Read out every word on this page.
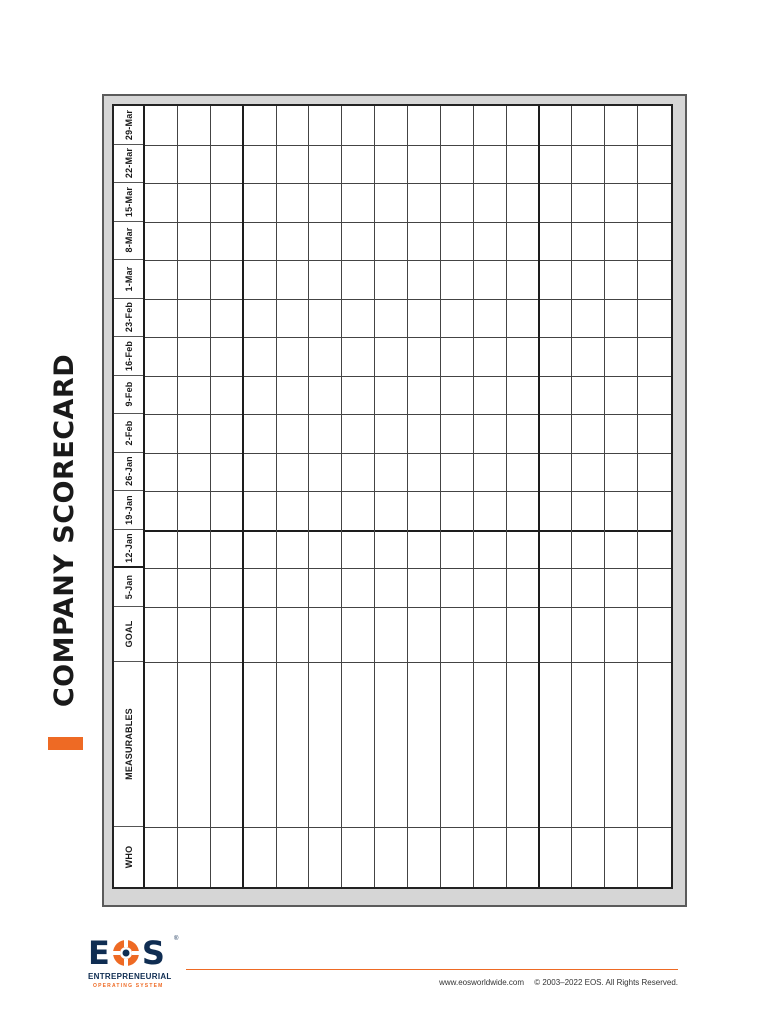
COMPANY SCORECARD
29-Mar
22-Mar
15-Mar
8-Mar
1-Mar
23-Feb
16-Feb
9-Feb
2-Feb
26-Jan
19-Jan
12-Jan
5-Jan
GOAL
MEASURABLES
WHO
E S ®
ENTREPRENEURIAL
OPERATING SYSTEM	www.eosworldwide.com © 2003–2022 EOS. All Rights Reserved.
